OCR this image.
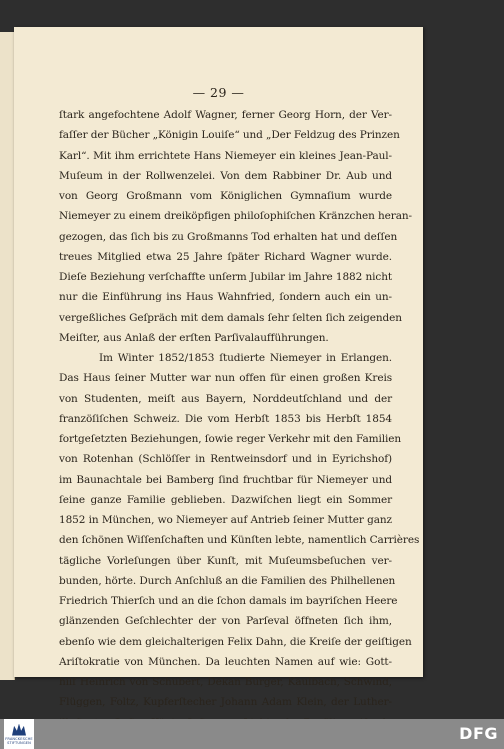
— 29 —
ſtark angefochtene Adolf Wagner, ferner Georg Horn, der Ver-
faſſer der Bücher „Königin Louiſe“ und „Der Feldzug des Prinzen
Karl“. Mit ihm errichtete Hans Niemeyer ein kleines Jean-Paul-
Muſeum in der Rollwenzelei. Von dem Rabbiner Dr. Aub und
von Georg Großmann vom Königlichen Gymnaſium wurde
Niemeyer zu einem dreiköpfigen philoſophiſchen Kränzchen heran-
gezogen, das ſich bis zu Großmanns Tod erhalten hat und deſſen
treues Mitglied etwa 25 Jahre ſpäter Richard Wagner wurde.
Dieſe Beziehung verſchaffte unſerm Jubilar im Jahre 1882 nicht
nur die Einführung ins Haus Wahnfried, ſondern auch ein un-
vergeßliches Geſpräch mit dem damals ſehr ſelten ſich zeigenden
Meiſter, aus Anlaß der erſten Parſivalaufführungen.
Im Winter 1852/1853 ſtudierte Niemeyer in Erlangen.
Das Haus ſeiner Mutter war nun offen für einen großen Kreis
von Studenten, meiſt aus Bayern, Norddeutſchland und der
franzöſiſchen Schweiz. Die vom Herbſt 1853 bis Herbſt 1854
fortgeſetzten Beziehungen, ſowie reger Verkehr mit den Familien
von Rotenhan (Schlöſſer in Rentweinsdorf und in Eyrichshof)
im Baunachtale bei Bamberg ſind fruchtbar für Niemeyer und
ſeine ganze Familie geblieben. Dazwiſchen liegt ein Sommer
1852 in München, wo Niemeyer auf Antrieb ſeiner Mutter ganz
den ſchönen Wiſſenſchaften und Künſten lebte, namentlich Carrières
tägliche Vorleſungen über Kunſt, mit Muſeumsbeſuchen ver-
bunden, hörte. Durch Anſchluß an die Familien des Philhellenen
Friedrich Thierſch und an die ſchon damals im bayriſchen Heere
glänzenden Geſchlechter der von Parſeval öffneten ſich ihm,
ebenſo wie dem gleichalterigen Felix Dahn, die Kreiſe der geiſtigen
Ariſtokratie von München. Da leuchten Namen auf wie: Gott-
hilf Heinrich von Schubert, Dekan Burger, Kaulbach, Schwind,
Flüggen, Foltz, Kupferſtecher Johann Adam Klein, der Luther-
FRANCKESCHE STIFTUNGEN	DFG
